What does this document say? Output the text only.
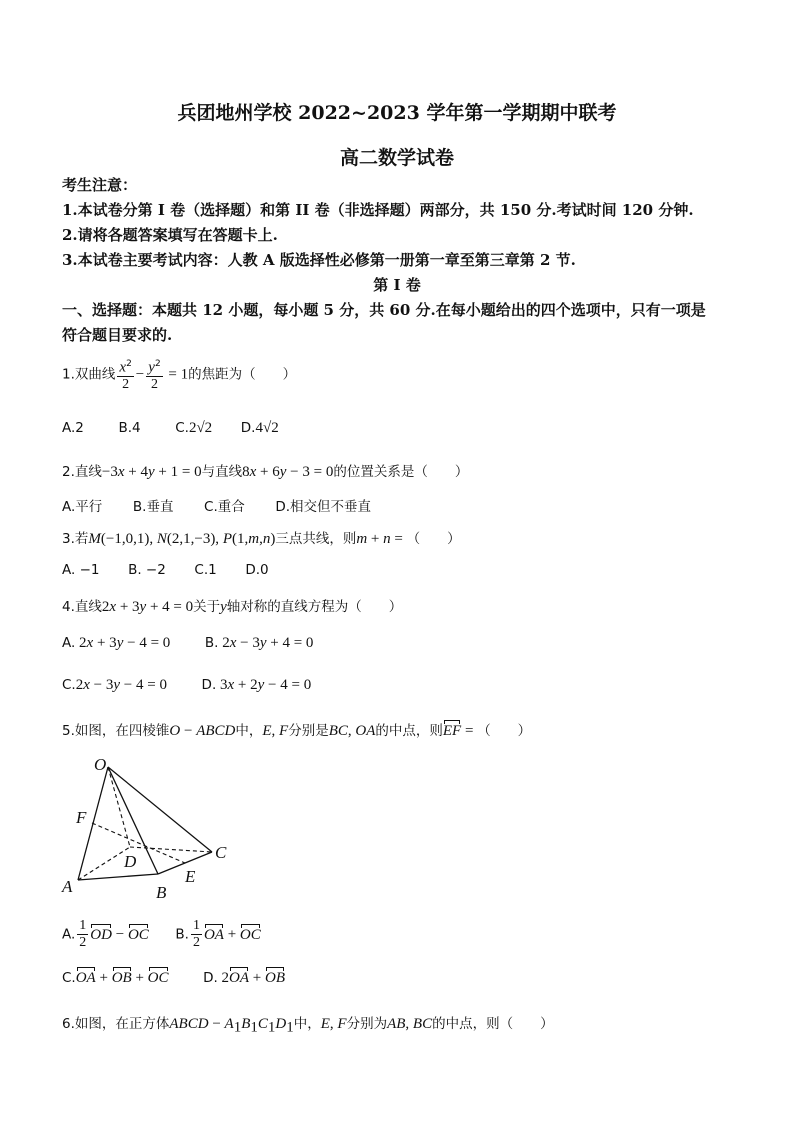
兵团地州学校 2022~2023 学年第一学期期中联考
高二数学试卷
考生注意：
1.本试卷分第 I 卷（选择题）和第 II 卷（非选择题）两部分，共 150 分.考试时间 120 分钟.
2.请将各题答案填写在答题卡上.
3.本试卷主要考试内容：人教 A 版选择性必修第一册第一章至第三章第 2 节.
第 I 卷
一、选择题：本题共 12 小题，每小题 5 分，共 60 分.在每小题给出的四个选项中，只有一项是
符合题目要求的.
1.双曲线 $\frac{x^2}{2} - \frac{y^2}{2} = 1$的焦距为（　　）
A.2	B.4	C.2√2 D.4√2
2.直线−3x + 4y + 1 = 0与直线8x + 6y − 3 = 0的位置关系是（　　）
A.平行 B.垂直 C.重合 D.相交但不垂直
3.若M(−1,0,1), N(2,1,−3), P(1,m,n)三点共线，则m + n = （　　）
A. −1 B. −2 C.1 D.0
4.直线2x + 3y + 4 = 0关于y轴对称的直线方程为（　　）
A. 2x + 3y − 4 = 0	B. 2x − 3y + 4 = 0
C.2x − 3y − 4 = 0	D. 3x + 2y − 4 = 0
5.如图，在四棱锥O − ABCD中，E, F分别是BC, OA的中点，则EF = （　　）
O
F
D	C
A	B
E
A. $\frac{1}{2}$ OD − OC B. $\frac{1}{2}$ OA + OC
C.OA + OB + OC	D. 2OA + OB
6.如图，在正方体ABCD − $A_1B_1C_1D_1$中，E, F分别为AB, BC的中点，则（　　）
